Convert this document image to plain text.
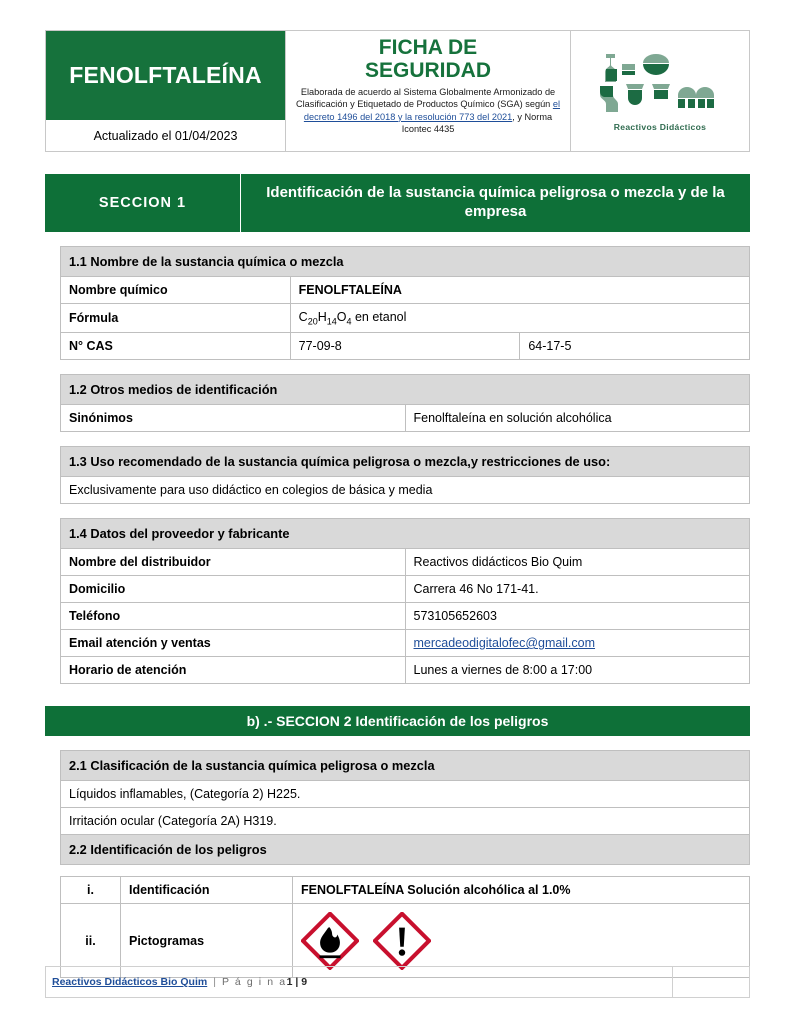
FENOLFTALEÍNA
Actualizado el 01/04/2023
FICHA DE
SEGURIDAD
Elaborada de acuerdo al Sistema Globalmente Armonizado de Clasificación y Etiquetado de Productos Químico (SGA) según el decreto 1496 del 2018 y la resolución 773 del 2021, y Norma Icontec 4435	Reactivos Didácticos
SECCION 1
Identificación de la sustancia química peligrosa o mezcla y de la empresa
1.1 Nombre de la sustancia química o mezcla		
Nombre químico	FENOLFTALEÍNA	
Fórmula	$C_{20}H_{14}O_4$ en etanol	
N° CAS	77-09-8	64-17-5
1.2 Otros medios de identificación
Sinónimos	Fenolftaleína en solución alcohólica
1.3 Uso recomendado de la sustancia química peligrosa o mezcla,y restricciones de uso:
Exclusivamente para uso didáctico en colegios de básica y media
1.4 Datos del proveedor y fabricante	
Nombre del distribuidor	Reactivos didácticos Bio Quim
Domicilio	Carrera 46 No 171-41.
Teléfono	573105652603
Email atención y ventas	mercadeodigitalofec@gmail.com
Horario de atención	Lunes a viernes de 8:00 a 17:00
b) .- SECCION 2 Identificación de los peligros
2.1 Clasificación de la sustancia química peligrosa o mezcla
Líquidos inflamables, (Categoría 2) H225.
Irritación ocular (Categoría 2A) H319.
2.2 Identificación de los peligros
i.	Identificación	FENOLFTALEÍNA Solución alcohólica al 1.0%
ii.	Pictogramas	
Reactivos Didácticos Bio Quim | P á g i n a1 | 9	
